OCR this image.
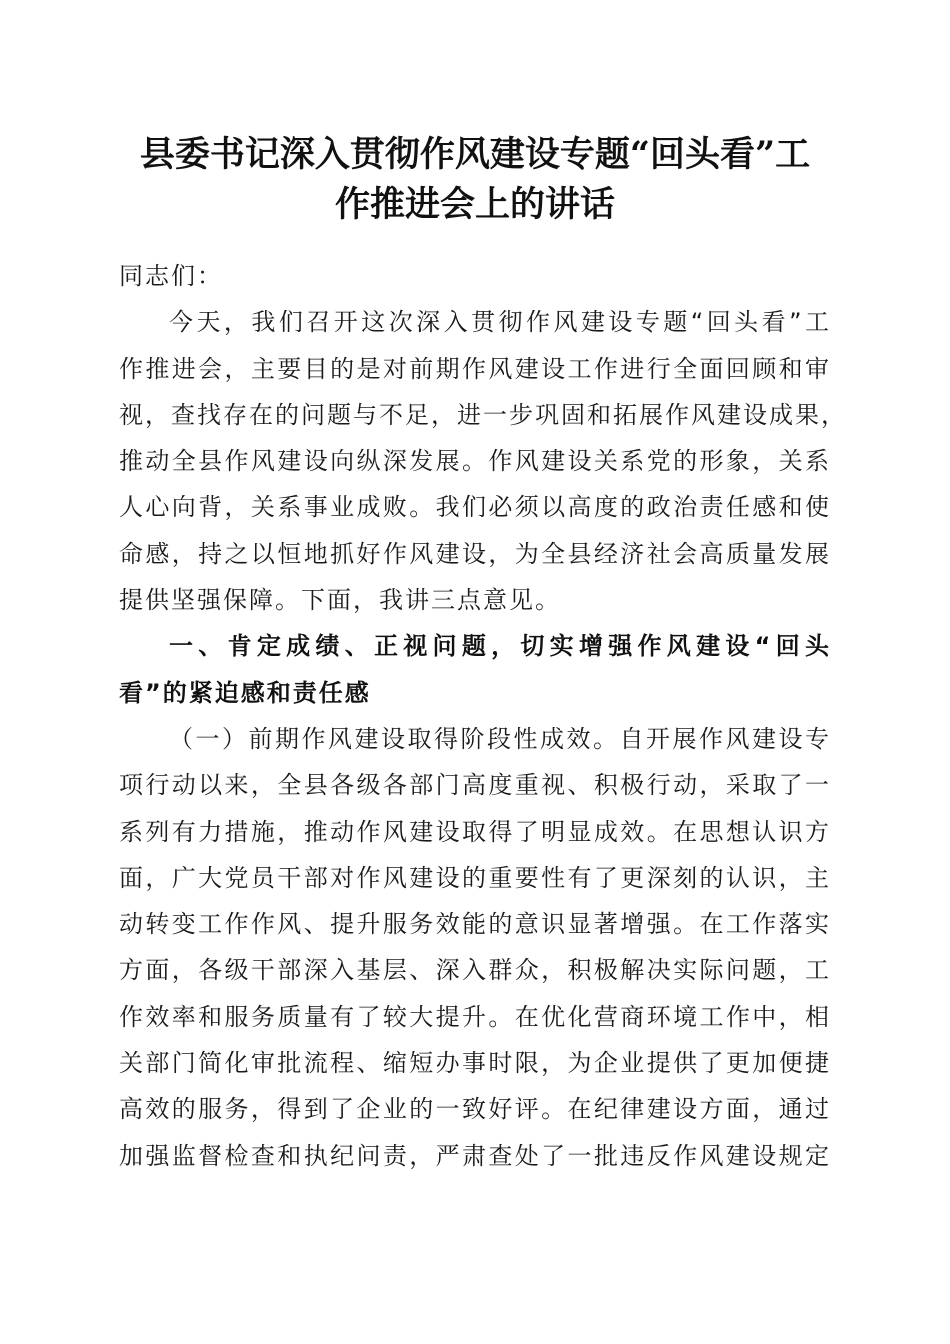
县委书记深入贯彻作风建设专题“回头看”工
作推进会上的讲话
同志们：
今天，我们召开这次深入贯彻作风建设专题“回头看”工
作推进会，主要目的是对前期作风建设工作进行全面回顾和审
视，查找存在的问题与不足，进一步巩固和拓展作风建设成果，
推动全县作风建设向纵深发展。作风建设关系党的形象，关系
人心向背，关系事业成败。我们必须以高度的政治责任感和使
命感，持之以恒地抓好作风建设，为全县经济社会高质量发展
提供坚强保障。下面，我讲三点意见。
一、肯定成绩、正视问题，切实增强作风建设“回头
看”的紧迫感和责任感
（一）前期作风建设取得阶段性成效。自开展作风建设专
项行动以来，全县各级各部门高度重视、积极行动，采取了一
系列有力措施，推动作风建设取得了明显成效。在思想认识方
面，广大党员干部对作风建设的重要性有了更深刻的认识，主
动转变工作作风、提升服务效能的意识显著增强。在工作落实
方面，各级干部深入基层、深入群众，积极解决实际问题，工
作效率和服务质量有了较大提升。在优化营商环境工作中，相
关部门简化审批流程、缩短办事时限，为企业提供了更加便捷
高效的服务，得到了企业的一致好评。在纪律建设方面，通过
加强监督检查和执纪问责，严肃查处了一批违反作风建设规定
